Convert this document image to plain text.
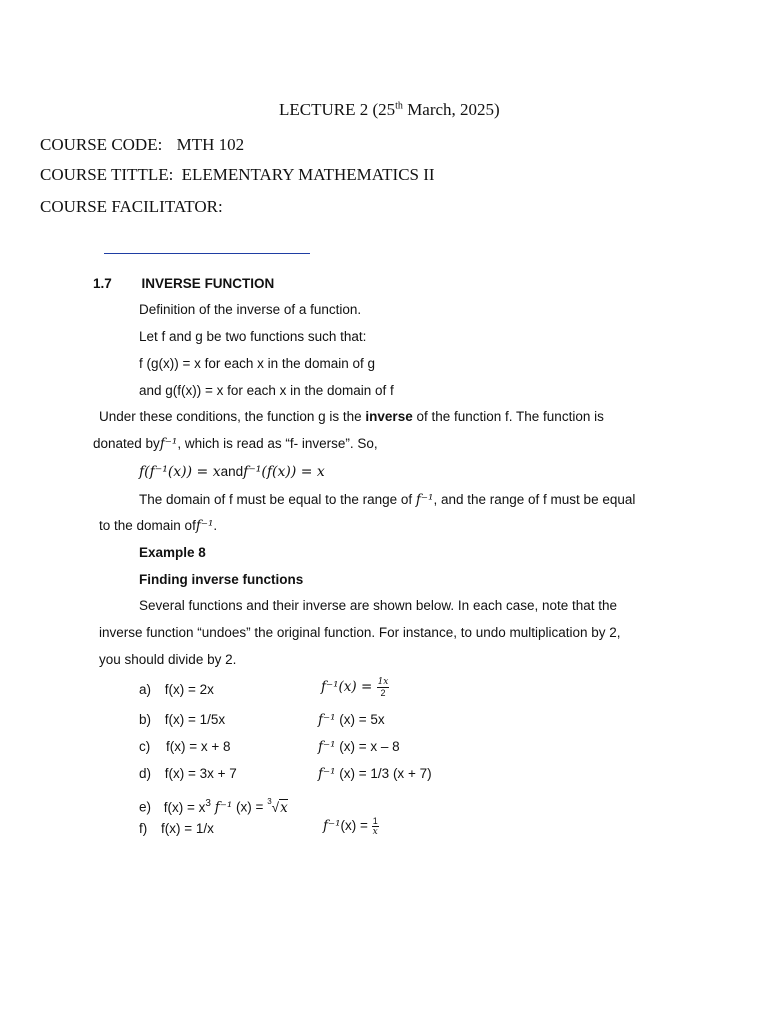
LECTURE 2 (25th March, 2025)
COURSE CODE: MTH 102
COURSE TITTLE: ELEMENTARY MATHEMATICS II
COURSE FACILITATOR:
1.7 INVERSE FUNCTION
Definition of the inverse of a function.
Let f and g be two functions such that:
f (g(x)) = x for each x in the domain of g
and g(f(x)) = x for each x in the domain of f
Under these conditions, the function g is the inverse of the function f. The function is
donated byf⁻¹, which is read as “f- inverse”. So,
f(f⁻¹(x)) = xandf⁻¹(f(x)) = x
The domain of f must be equal to the range of f⁻¹, and the range of f must be equal
to the domain off⁻¹.
Example 8
Finding inverse functions
Several functions and their inverse are shown below. In each case, note that the
inverse function “undoes” the original function. For instance, to undo multiplication by 2,
you should divide by 2.
a) f(x) = 2x	$f^{-1}(x) = \frac{1x}{2}$
b) f(x) = 1/5x	f⁻¹ (x) = 5x
c) f(x) = x + 8	f⁻¹ (x) = x – 8
d) f(x) = 3x + 7	f⁻¹ (x) = 1/3 (x + 7)
e) $f(x) = x^3$ f⁻¹ (x) = $^3$√x
f) f(x) = 1/x	$f^{-1}(x) = \frac{1}{x}$
